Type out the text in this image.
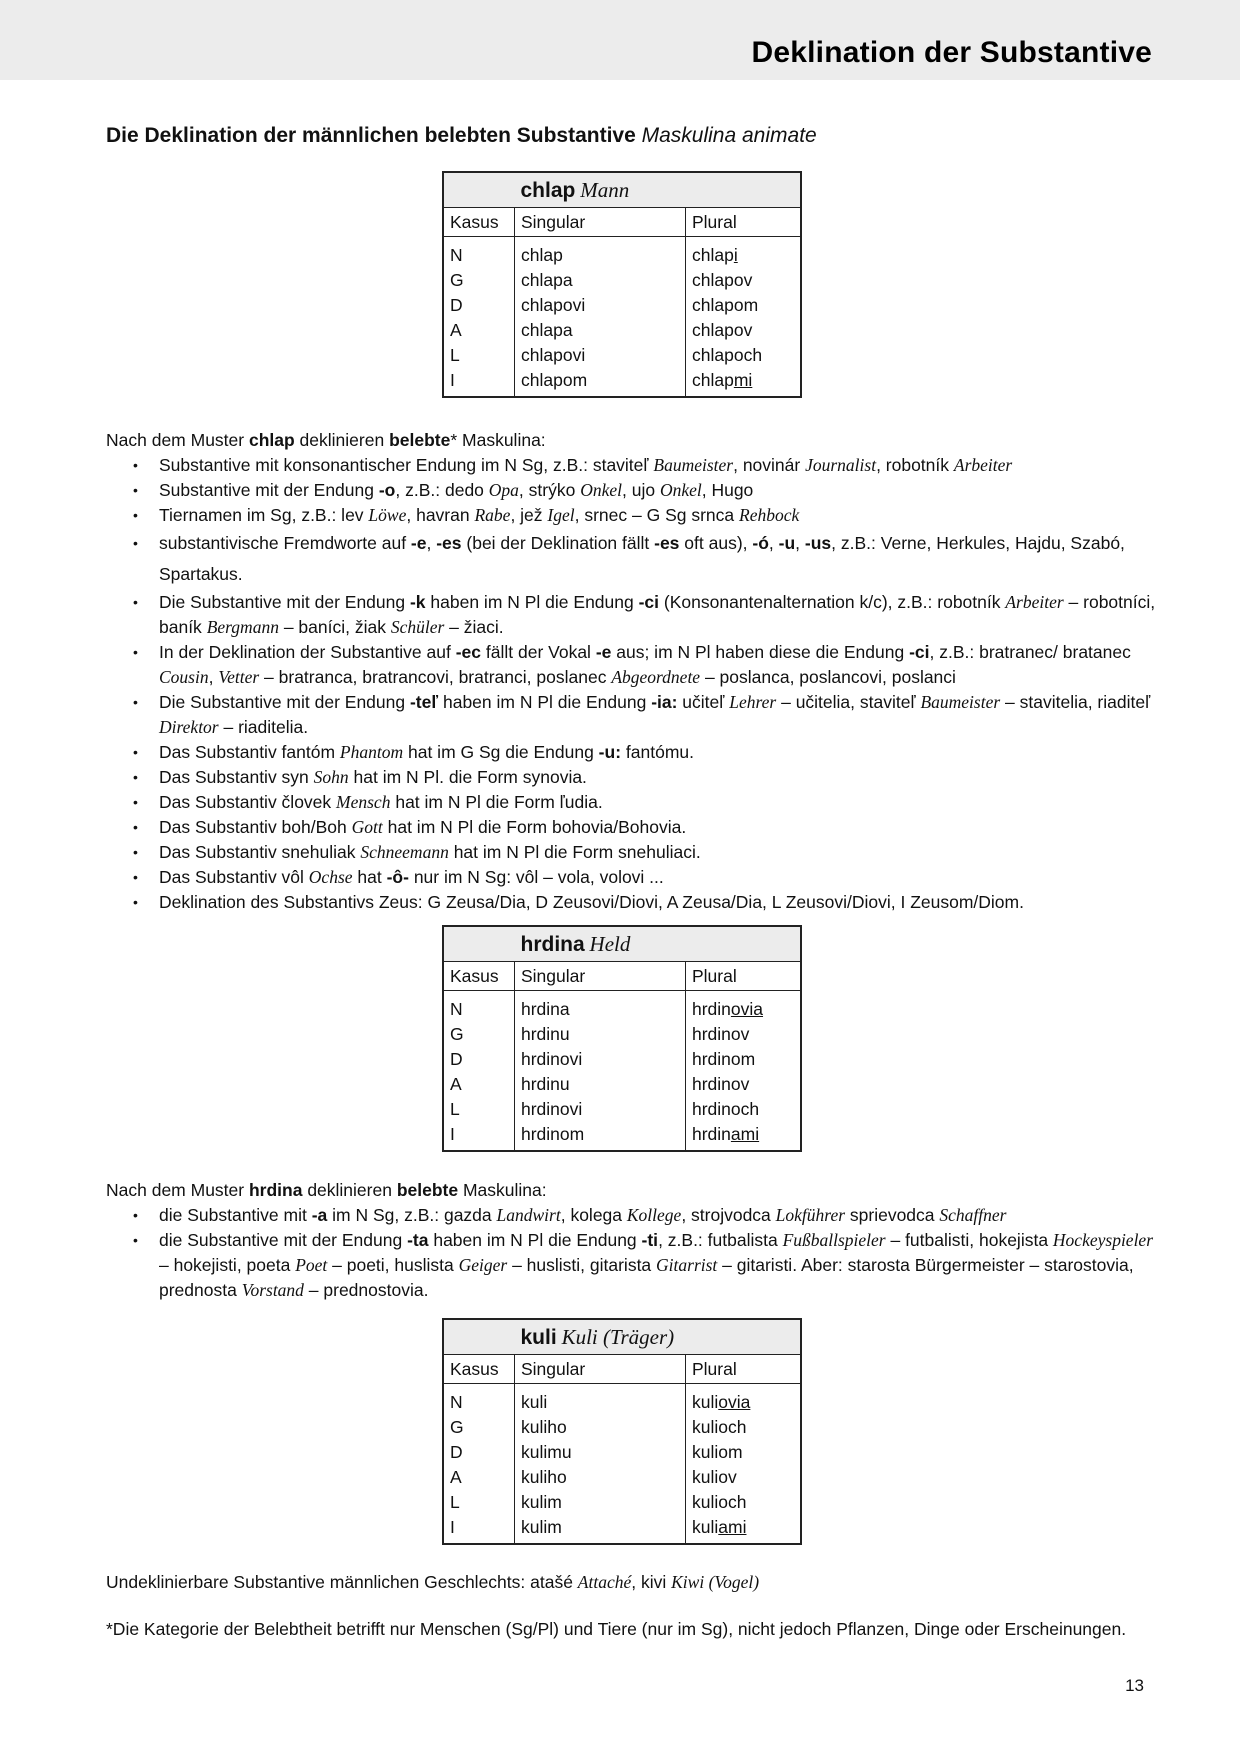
Deklination der Substantive
Die Deklination der männlichen belebten Substantive Maskulina animate
	chlap Mann	
Kasus	Singular	Plural
N	chlap	chlapi
G	chlapa	chlapov
D	chlapovi	chlapom
A	chlapa	chlapov
L	chlapovi	chlapoch
I	chlapom	chlapmi

Nach dem Muster chlap deklinieren belebte* Maskulina:

• Substantive mit konsonantischer Endung im N Sg, z.B.: staviteľ Baumeister, novinár Journalist, robotník Arbeiter
• Substantive mit der Endung -o, z.B.: dedo Opa, strýko Onkel, ujo Onkel, Hugo
• Tiernamen im Sg, z.B.: lev Löwe, havran Rabe, jež Igel, srnec – G Sg srnca Rehbock
• substantivische Fremdworte auf -e, -es (bei der Deklination fällt -es oft aus), -ó, -u, -us, z.B.: Verne, Herkules, Hajdu, Szabó, Spartakus.
• Die Substantive mit der Endung -k haben im N Pl die Endung -ci (Konsonantenalternation k/c), z.B.: robotník Arbeiter – robotníci, baník Bergmann – baníci, žiak Schüler – žiaci.
• In der Deklination der Substantive auf -ec fällt der Vokal -e aus; im N Pl haben diese die Endung -ci, z.B.: bratranec/ bratanec Cousin, Vetter – bratranca, bratrancovi, bratranci, poslanec Abgeordnete – poslanca, poslancovi, poslanci
• Die Substantive mit der Endung -teľ haben im N Pl die Endung -ia: učiteľ Lehrer – učitelia, staviteľ Baumeister – stavitelia, riaditeľ Direktor – riaditelia.
• Das Substantiv fantóm Phantom hat im G Sg die Endung -u: fantómu.
• Das Substantiv syn Sohn hat im N Pl. die Form synovia.
• Das Substantiv človek Mensch hat im N Pl die Form ľudia.
• Das Substantiv boh/Boh Gott hat im N Pl die Form bohovia/Bohovia.
• Das Substantiv snehuliak Schneemann hat im N Pl die Form snehuliaci.
• Das Substantiv vôl Ochse hat -ô- nur im N Sg: vôl – vola, volovi ...
• Deklination des Substantivs Zeus: G Zeusa/Dia, D Zeusovi/Diovi, A Zeusa/Dia, L Zeusovi/Diovi, I Zeusom/Diom.
	hrdina Held	
Kasus	Singular	Plural
N	hrdina	hrdinovia
G	hrdinu	hrdinov
D	hrdinovi	hrdinom
A	hrdinu	hrdinov
L	hrdinovi	hrdinoch
I	hrdinom	hrdinami

Nach dem Muster hrdina deklinieren belebte Maskulina:

• die Substantive mit -a im N Sg, z.B.: gazda Landwirt, kolega Kollege, strojvodca Lokführer sprievodca Schaffner
• die Substantive mit der Endung -ta haben im N Pl die Endung -ti, z.B.: futbalista Fußballspieler – futbalisti, hokejista Hockeyspieler – hokejisti, poeta Poet – poeti, huslista Geiger – huslisti, gitarista Gitarrist – gitaristi. Aber: starosta Bürgermeister – starostovia, prednosta Vorstand – prednostovia.
	kuli Kuli (Träger)	
Kasus	Singular	Plural
N	kuli	kuliovia
G	kuliho	kulioch
D	kulimu	kuliom
A	kuliho	kuliov
L	kulim	kulioch
I	kulim	kuliami

Undeklinierbare Substantive männlichen Geschlechts: atašé Attaché, kivi Kiwi (Vogel)

*Die Kategorie der Belebtheit betrifft nur Menschen (Sg/Pl) und Tiere (nur im Sg), nicht jedoch Pflanzen, Dinge oder Erscheinungen.

13
